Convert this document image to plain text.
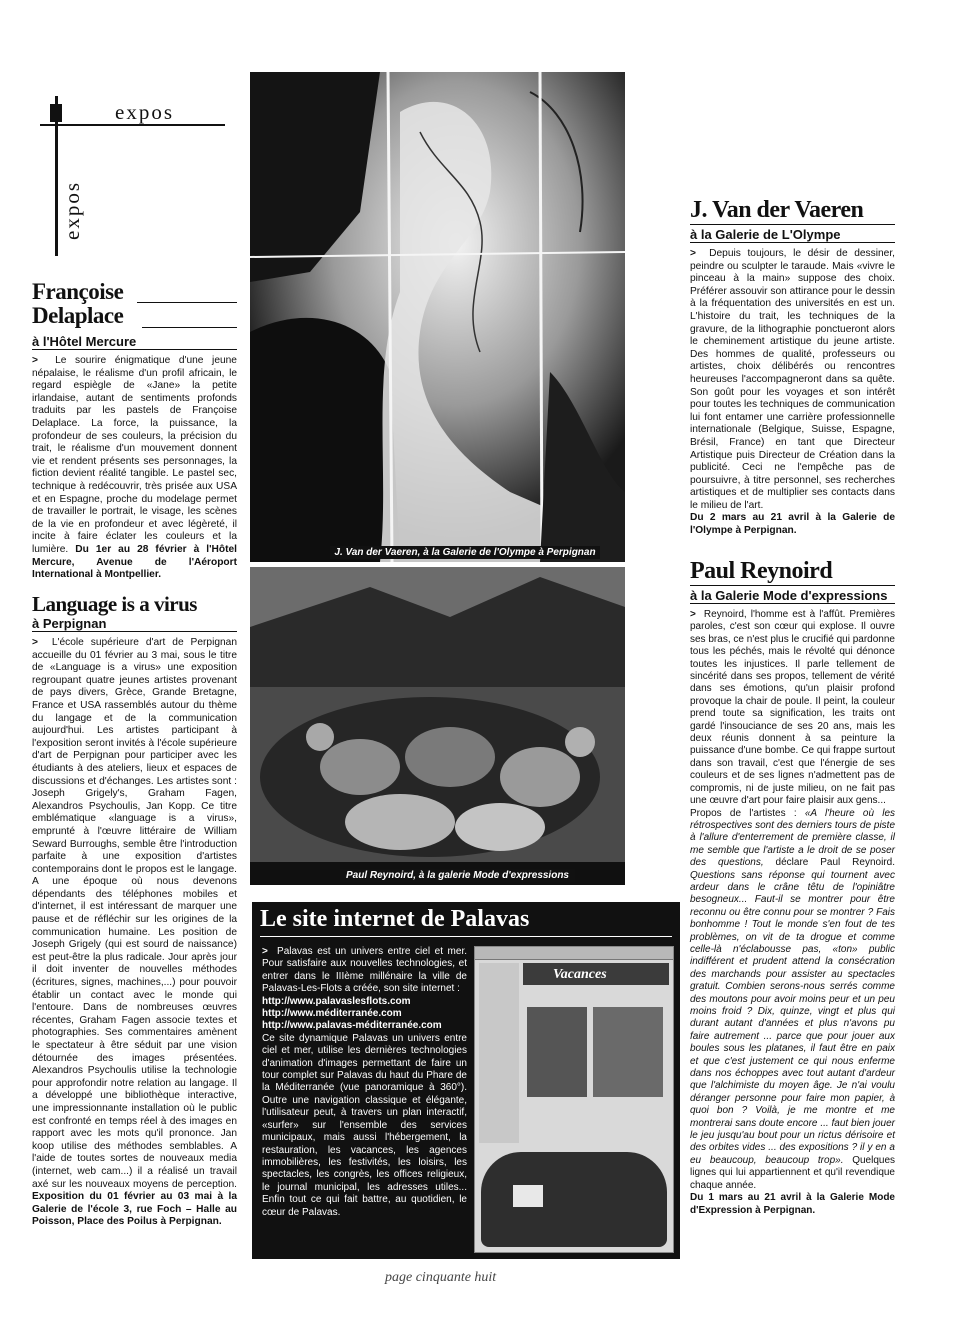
expos
expos
Françoise
Delaplace
à l'Hôtel Mercure

> Le sourire énigmatique d'une jeune népalaise, le réalisme d'un profil africain, le regard espiègle de «Jane» la petite irlandaise, autant de sentiments profonds traduits par les pastels de Françoise Delaplace. La force, la puissance, la profondeur de ses couleurs, la précision du trait, le réalisme d'un mouvement donnent vie et rendent présents ses personnages, la fiction devient réalité tangible. Le pastel sec, technique à redécouvrir, très prisée aux USA et en Espagne, proche du modelage permet de travailler le portrait, le visage, les scènes de la vie en profondeur et avec légèreté, il incite à faire éclater les couleurs et la lumière. Du 1er au 28 février à l'Hôtel Mercure, Avenue de l'Aéroport International à Montpellier.

Language is a virus
à Perpignan

> L'école supérieure d'art de Perpignan accueille du 01 février au 3 mai, sous le titre de «Language is a virus» une exposition regroupant quatre jeunes artistes provenant de pays divers, Grèce, Grande Bretagne, France et USA rassemblés autour du thème du langage et de la communication aujourd'hui. Les artistes participant à l'exposition seront invités à l'école supérieure d'art de Perpignan pour participer avec les étudiants à des ateliers, lieux et espaces de discussions et d'échanges. Les artistes sont : Joseph Grigely's, Graham Fagen, Alexandros Psychoulis, Jan Kopp. Ce titre emblématique «language is a virus», emprunté à l'œuvre littéraire de William Seward Burroughs, semble être l'introduction parfaite à une exposition d'artistes contemporains dont le propos est le langage. A une époque où nous devenons dépendants des téléphones mobiles et d'internet, il est intéressant de marquer une pause et de réfléchir sur les origines de la communication humaine. Les position de Joseph Grigely (qui est sourd de naissance) est peut-être la plus radicale. Jour après jour il doit inventer de nouvelles méthodes (écritures, signes, machines,...) pour pouvoir établir un contact avec le monde qui l'entoure. Dans de nombreuses œuvres récentes, Graham Fagen associe textes et photographies. Ses commentaires amènent le spectateur à être séduit par une vision détournée des images présentées. Alexandros Psychoulis utilise la technologie pour approfondir notre relation au langage. Il a développé une bibliothèque interactive, une impressionnante installation où le public est confronté en temps réel à des images en rapport avec les mots qu'il prononce. Jan koop utilise des méthodes semblables. A l'aide de toutes sortes de nouveaux media (internet, web cam...) il a réalisé un travail axé sur les nouveaux moyens de perception. Exposition du 01 février au 03 mai à la Galerie de l'école 3, rue Foch – Halle au Poisson, Place des Poilus à Perpignan.

J. Van der Vaeren, à la Galerie de l'Olympe à Perpignan
Paul Reynoird, à la galerie Mode d'expressions
Le site internet de Palavas
> Palavas est un univers entre ciel et mer. Pour satisfaire aux nouvelles technologies, et entrer dans le IIIème millénaire la ville de Palavas-Les-Flots a créée, son site internet :
http://www.palavaslesflots.com
http://www.méditerranée.com
http://www.palavas-méditerranée.com
Ce site dynamique Palavas un univers entre ciel et mer, utilise les dernières technologies d'animation d'images permettant de faire un tour complet sur Palavas du haut du Phare de la Méditerranée (vue panoramique à 360°). Outre une navigation classique et élégante, l'utilisateur peut, à travers un plan interactif, «surfer» sur l'ensemble des services municipaux, mais aussi l'hébergement, la restauration, les vacances, les agences immobilières, les festivités, les loisirs, les spectacles, les congrès, les offices religieux, le journal municipal, les adresses utiles... Enfin tout ce qui fait battre, au quotidien, le cœur de Palavas.
Vacances
J. Van der Vaeren
à la Galerie de L'Olympe

> Depuis toujours, le désir de dessiner, peindre ou sculpter le taraude. Mais «vivre le pinceau à la main» suppose des choix. Préférer assouvir son attirance pour le dessin à la fréquentation des universités en est un. L'histoire du trait, les techniques de la gravure, de la lithographie ponctueront alors le cheminement artistique du jeune artiste. Des hommes de qualité, professeurs ou artistes, choix délibérés ou rencontres heureuses l'accompagneront dans sa quête. Son goût pour les voyages et son intérêt pour toutes les techniques de communication lui font entamer une carrière professionnelle internationale (Belgique, Suisse, Espagne, Brésil, France) en tant que Directeur Artistique puis Directeur de Création dans la publicité. Ceci ne l'empêche pas de poursuivre, à titre personnel, ses recherches artistiques et de multiplier ses contacts dans le milieu de l'art.

Du 2 mars au 21 avril à la Galerie de l'Olympe à Perpignan.

Paul Reynoird
à la Galerie Mode d'expressions

> Reynoird, l'homme est à l'affût. Premières paroles, c'est son cœur qui explose. Il ouvre ses bras, ce n'est plus le crucifié qui pardonne tous les péchés, mais le révolté qui dénonce toutes les injustices. Il parle tellement de sincérité dans ses propos, tellement de vérité dans ses émotions, qu'un plaisir profond provoque la chair de poule. Il peint, la couleur prend toute sa signification, les traits ont gardé l'insouciance de ses 20 ans, mais les deux réunis donnent à sa peinture la puissance d'une bombe. Ce qui frappe surtout dans son travail, c'est que l'énergie de ses couleurs et de ses lignes n'admettent pas de compromis, ni de juste milieu, on ne fait pas une œuvre d'art pour faire plaisir aux gens...

Propos de l'artistes : «A l'heure où les rétrospectives sont des derniers tours de piste à l'allure d'enterrement de première classe, il me semble que l'artiste a le droit de se poser des questions, déclare Paul Reynoird. Questions sans réponse qui tournent avec ardeur dans le crâne têtu de l'opiniâtre besogneux... Faut-il se montrer pour être reconnu ou être connu pour se montrer ? Fais bonhomme ! Tout le monde s'en fout de tes problèmes, on vit de ta drogue et comme celle-là n'éclabousse pas, «ton» public indifférent et prudent attend la consécration des marchands pour assister au spectacles gratuit. Combien serons-nous serrés comme des moutons pour avoir moins peur et un peu moins froid ? Dix, quinze, vingt et plus qui durant autant d'années et plus n'avons pu faire autrement ... parce que pour jouer aux boules sous les platanes, il faut être en paix et que c'est justement ce qui nous enferme dans nos échoppes avec tout autant d'ardeur que l'alchimiste du moyen âge. Je n'ai voulu déranger personne pour faire mon papier, à quoi bon ? Voilà, je me montre et me montrerai sans doute encore ... faut bien jouer le jeu jusqu'au bout pour un rictus dérisoire et des orbites vides ... des expositions ? il y en a eu beaucoup, beaucoup trop». Quelques lignes qui lui appartiennent et qu'il revendique chaque année.

Du 1 mars au 21 avril à la Galerie Mode d'Expression à Perpignan.

page cinquante huit
